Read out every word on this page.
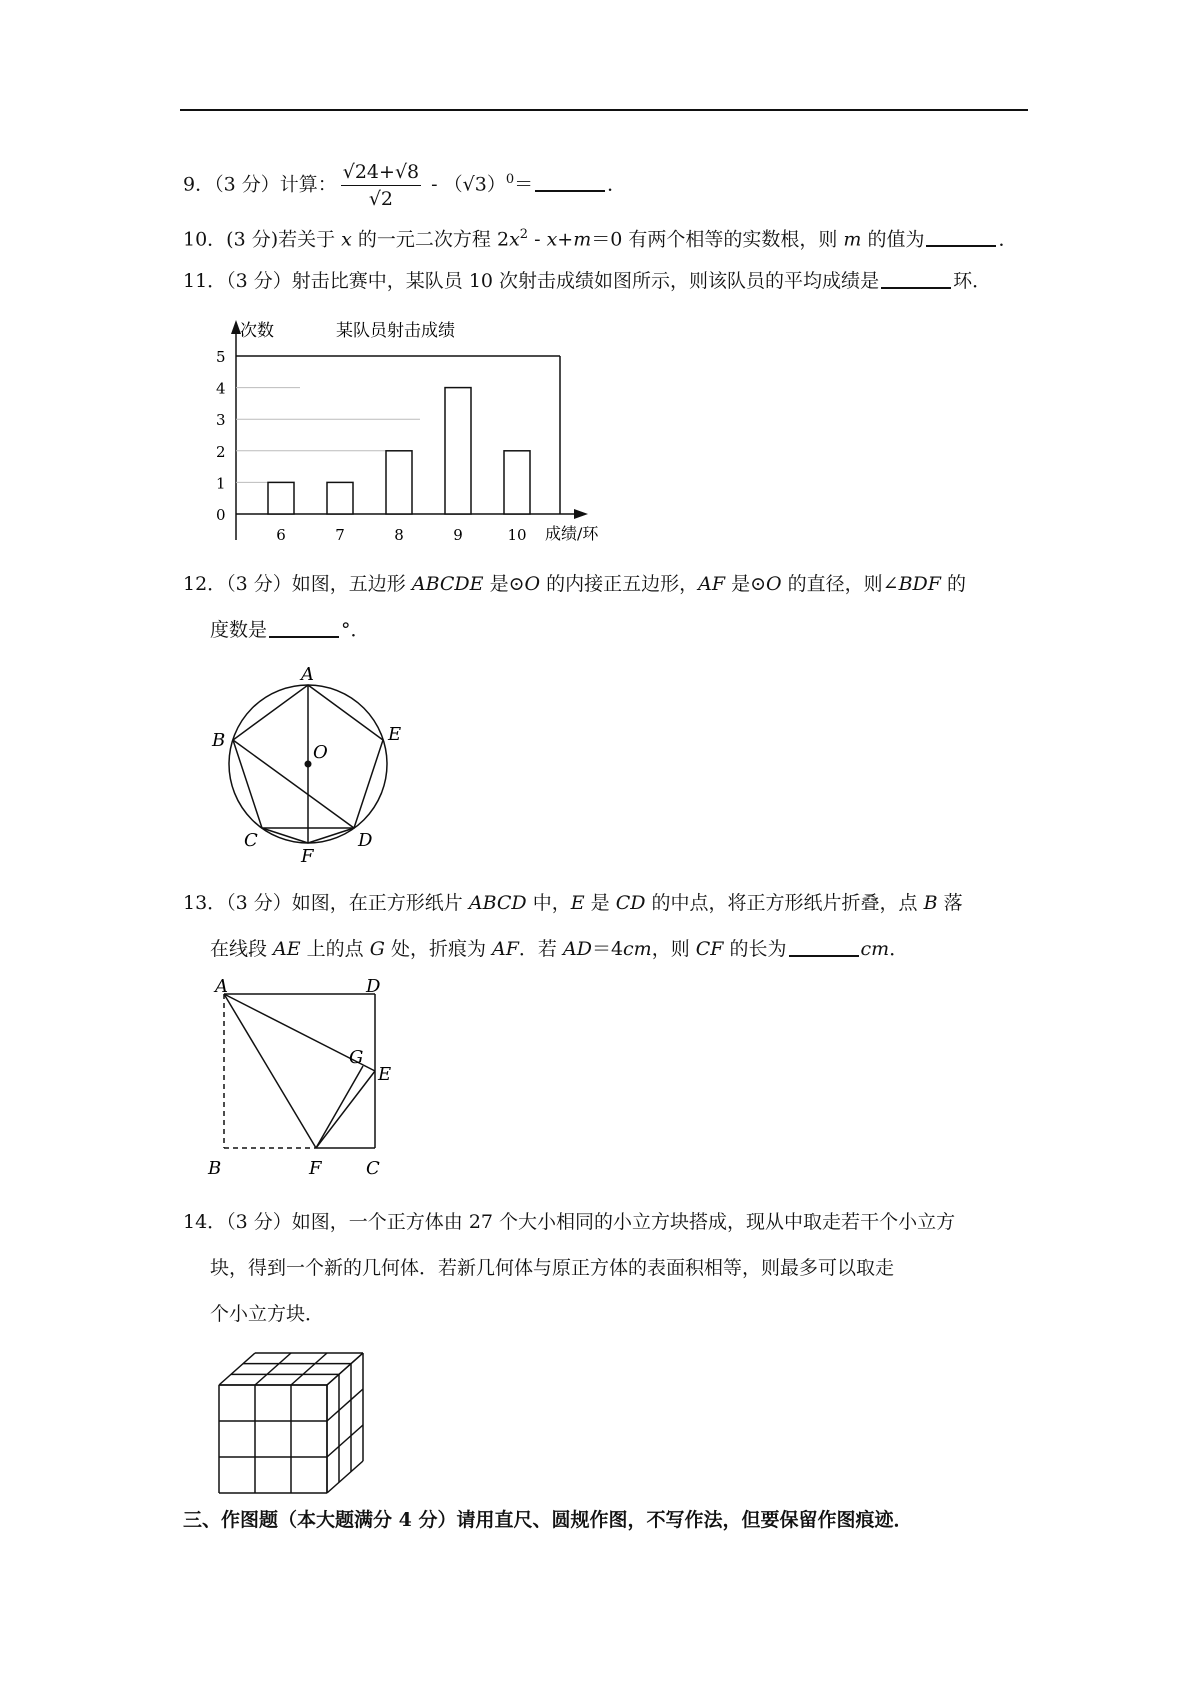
9．（3 分）计算： $\frac{√24+√8}{√2} - (√3)^0=$	．
10．(3 分)若关于 x 的一元二次方程 $2x^2 - x+m=0$ 有两个相等的实数根，则 m 的值为	．
11．（3 分）射击比赛中，某队员 10 次射击成绩如图所示，则该队员的平均成绩是	环．
次数	某队员射击成绩
成绩/环
0
1
2
3
4
5
6	7	8	9	10
12．（3 分）如图，五边形 ABCDE 是⊙O 的内接正五边形，AF 是⊙O 的直径，则∠BDF 的
度数是	°．
A
B	E
O
C	D
F
13．（3 分）如图，在正方形纸片 ABCD 中，E 是 CD 的中点，将正方形纸片折叠，点 B 落
在线段 AE 上的点 G 处，折痕为 AF．若 AD＝4cm，则 CF 的长为	cm．
A	D
G
E
B	F C
14．（3 分）如图，一个正方体由 27 个大小相同的小立方块搭成，现从中取走若干个小立方
块，得到一个新的几何体．若新几何体与原正方体的表面积相等，则最多可以取走
个小立方块．
三、作图题（本大题满分 4 分）请用直尺、圆规作图，不写作法，但要保留作图痕迹．
